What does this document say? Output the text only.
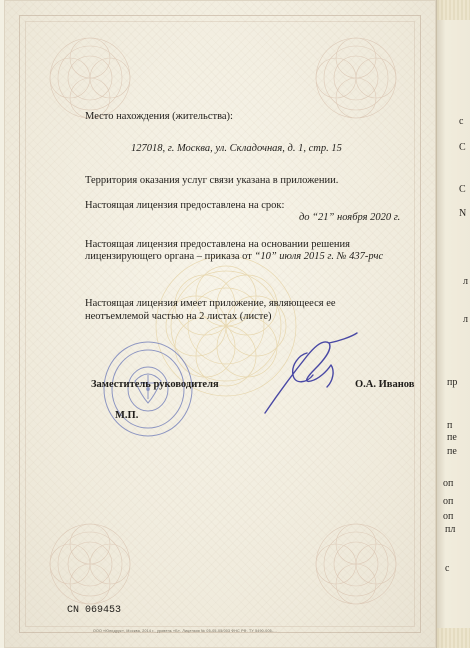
Место нахождения (жительства):
127018, г. Москва, ул. Складочная, д. 1, стр. 15
Территория оказания услуг связи указана в приложении.
Настоящая лицензия предоставлена на срок:
до “21” ноября 2020 г.
Настоящая лицензия предоставлена на основании решения
лицензирующего органа – приказа от “10” июля 2015 г. № 437-рчс
Настоящая лицензия имеет приложение, являющееся ее
неотъемлемой частью на 2 листах (листе)
Заместитель руководителя	О.А. Иванов
М.П.
CN 069453
ООО «Юнидрук», Москва, 2014 г., уровень «Б». Лицензия № 05-05-05/003 ФНС РФ. ТУ 5490-005-...
с
С
С
N
л
л
пр
п
пе
пе
оп
оп
оп
пл
с
